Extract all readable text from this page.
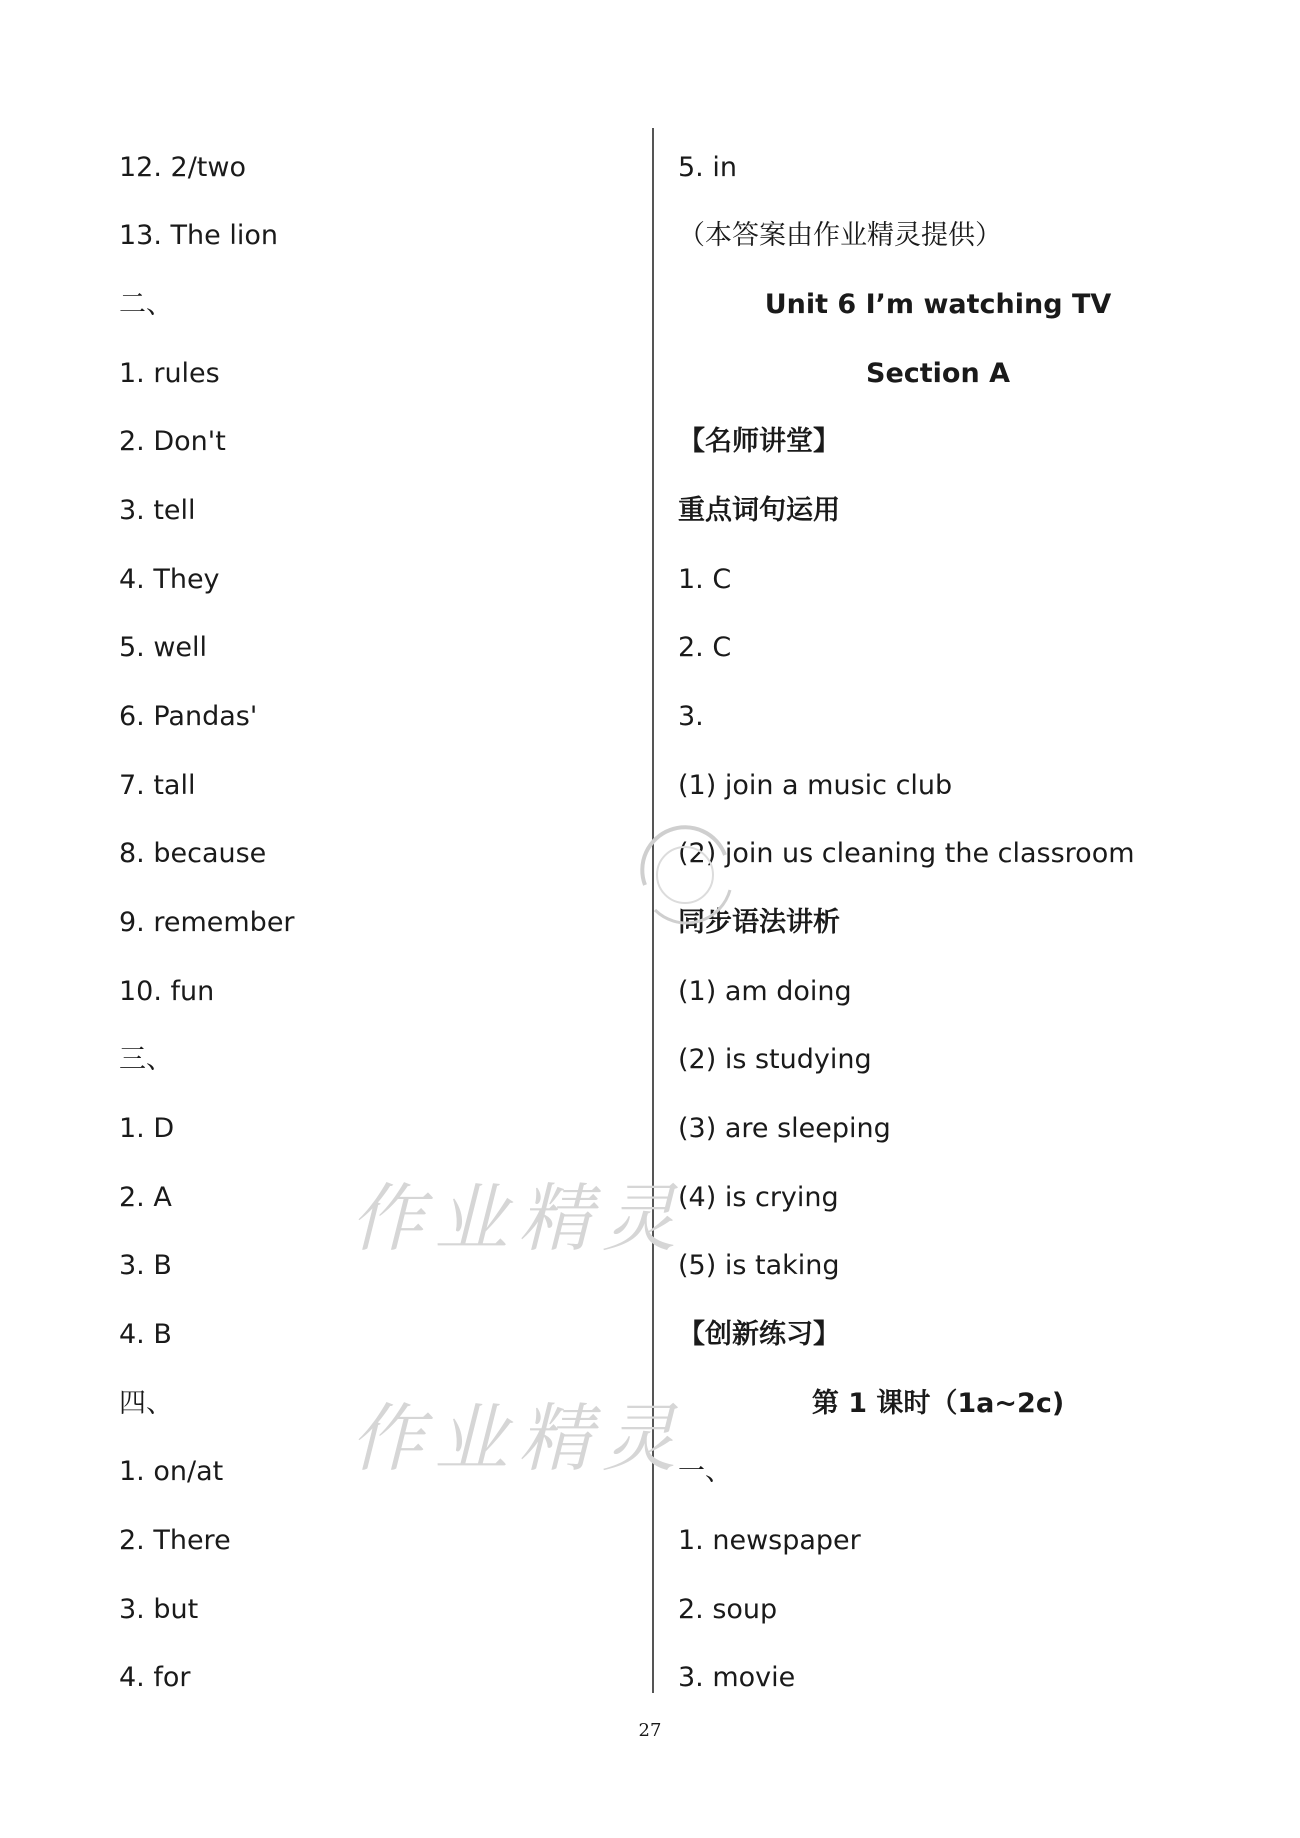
12. 2/two
13. The lion
二、
1. rules
2. Don't
3. tell
4. They
5. well
6. Pandas'
7. tall
8. because
9. remember
10. fun
三、
1. D
2. A
3. B
4. B
四、
1. on/at
2. There
3. but
4. for
5. in
（本答案由作业精灵提供）
Unit 6 I’m watching TV
Section A
【名师讲堂】
重点词句运用
1. C
2. C
3.
(1) join a music club
(2) join us cleaning the classroom
同步语法讲析
(1) am doing
(2) is studying
(3) are sleeping
(4) is crying
(5) is taking
【创新练习】
第 1 课时（1a~2c)
一、
1. newspaper
2. soup
3. movie
作业精灵
作业精灵
27
